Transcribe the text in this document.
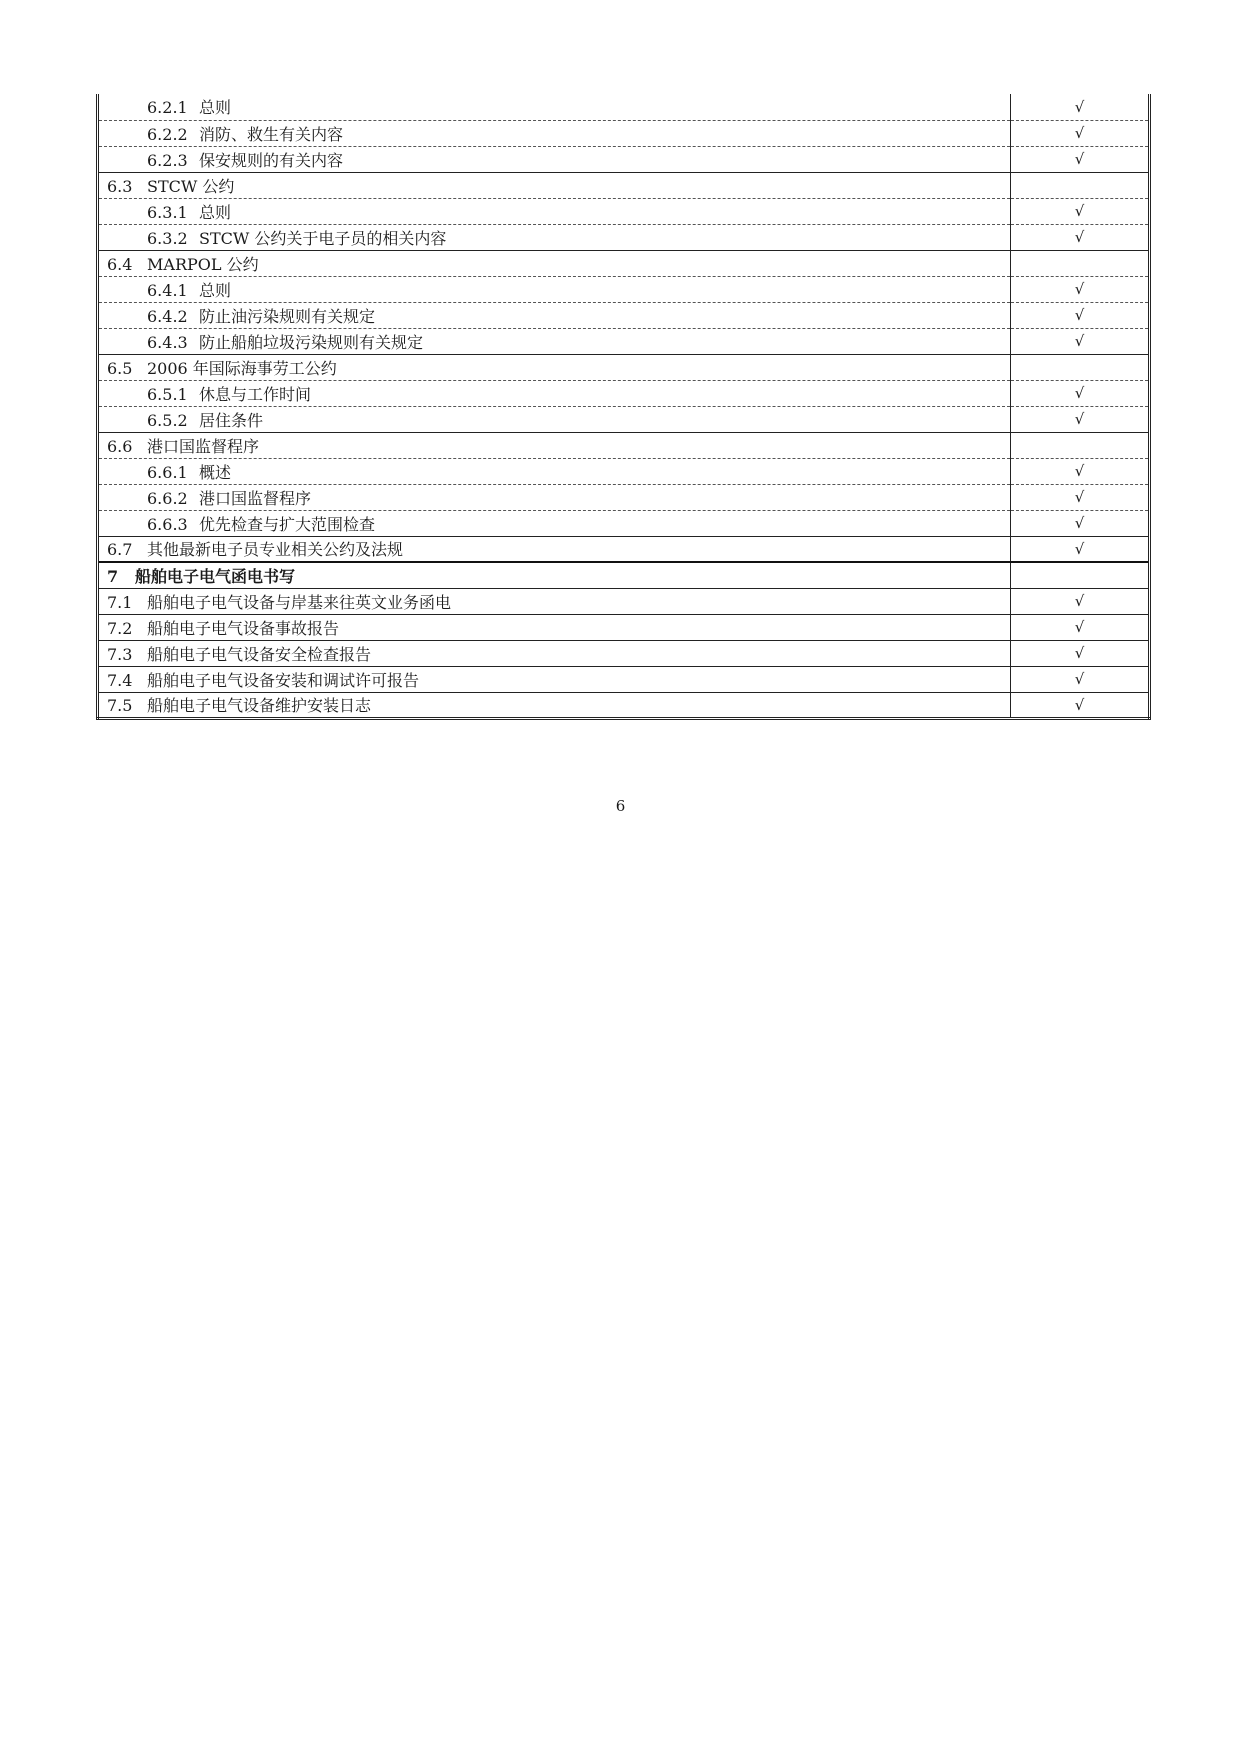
6.2.1 总则	√
6.2.2 消防、救生有关内容	√
6.2.3 保安规则的有关内容	√
6.3 STCW 公约	
6.3.1 总则	√
6.3.2 STCW 公约关于电子员的相关内容	√
6.4 MARPOL 公约	
6.4.1 总则	√
6.4.2 防止油污染规则有关规定	√
6.4.3 防止船舶垃圾污染规则有关规定	√
6.5 2006 年国际海事劳工公约	
6.5.1 休息与工作时间	√
6.5.2 居住条件	√
6.6 港口国监督程序	
6.6.1 概述	√
6.6.2 港口国监督程序	√
6.6.3 优先检查与扩大范围检查	√
6.7 其他最新电子员专业相关公约及法规	√
7 船舶电子电气函电书写	
7.1 船舶电子电气设备与岸基来往英文业务函电	√
7.2 船舶电子电气设备事故报告	√
7.3 船舶电子电气设备安全检查报告	√
7.4 船舶电子电气设备安装和调试许可报告	√
7.5 船舶电子电气设备维护安装日志	√
6
